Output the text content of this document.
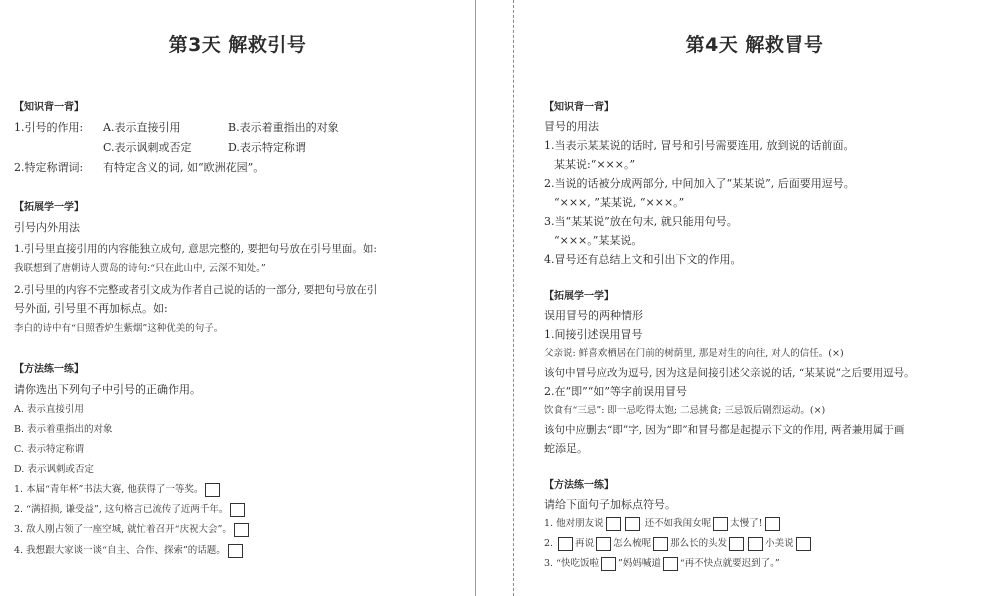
第3天 解救引号
【知识背一背】
1.引号的作用: A.表示直接引用	B.表示着重指出的对象
C.表示讽刺或否定	D.表示特定称谓
2.特定称谓词: 有特定含义的词, 如“欧洲花园”。
【拓展学一学】
引号内外用法
1.引号里直接引用的内容能独立成句, 意思完整的, 要把句号放在引号里面。如:
我联想到了唐朝诗人贾岛的诗句:“只在此山中, 云深不知处。”
2.引号里的内容不完整或者引文成为作者自己说的话的一部分, 要把句号放在引
号外面, 引号里不再加标点。如:
李白的诗中有“日照香炉生紫烟”这种优美的句子。
【方法练一练】
请你选出下列句子中引号的正确作用。
A. 表示直接引用
B. 表示着重指出的对象
C. 表示特定称谓
D. 表示讽刺或否定
1. 本届“青年杯”书法大赛, 他获得了一等奖。
2. “满招损, 谦受益”, 这句格言已流传了近两千年。
3. 敌人刚占领了一座空城, 就忙着召开“庆祝大会”。
4. 我想跟大家谈一谈“自主、合作、探索”的话题。
第4天 解救冒号
【知识背一背】
冒号的用法
1.当表示某某说的话时, 冒号和引号需要连用, 放到说的话前面。
某某说:“×××。”
2.当说的话被分成两部分, 中间加入了“某某说”, 后面要用逗号。
“×××, ”某某说, “×××。”
3.当“某某说”放在句末, 就只能用句号。
“×××。”某某说。
4.冒号还有总结上文和引出下文的作用。
【拓展学一学】
误用冒号的两种情形
1.间接引述误用冒号
父亲说: 鲜喜欢栖居在门前的树荫里, 那是对生的向往, 对人的信任。(×)
该句中冒号应改为逗号, 因为这是间接引述父亲说的话, “某某说”之后要用逗号。
2.在“即”“如”等字前误用冒号
饮食有“三忌”: 即一忌吃得太饱; 二忌挑食; 三忌饭后剧烈运动。(×)
该句中应删去“即”字, 因为“即”和冒号都是起提示下文的作用, 两者兼用属于画
蛇添足。
【方法练一练】
请给下面句子加标点符号。
1. 他对朋友说	还不如我闺女呢 太慢了!
2. 再说 怎么梳呢 那么长的头发	小美说
3. “快吃饭啦 ”妈妈喊道 “再不快点就要迟到了。”
